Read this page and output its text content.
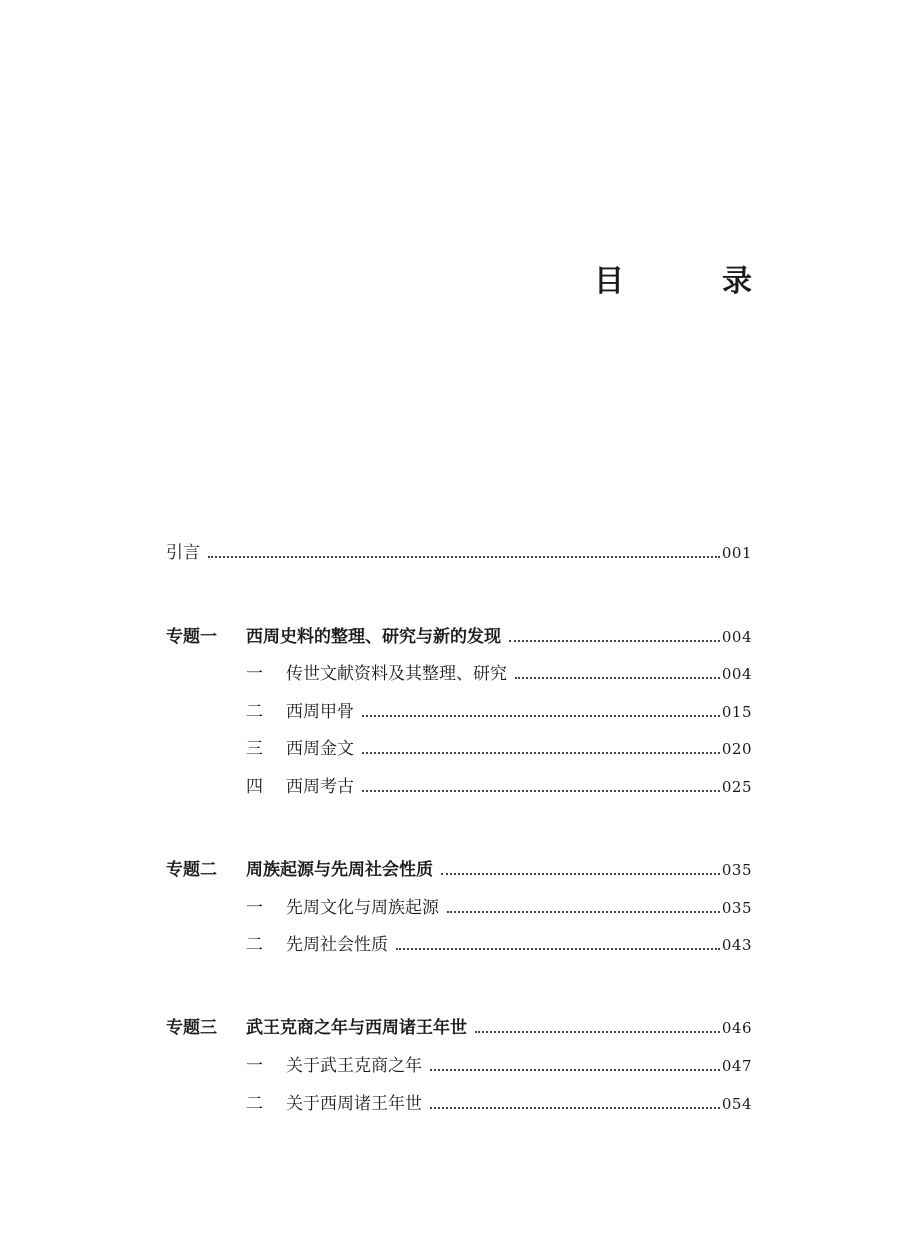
目　录
引言	001
专题一	西周史料的整理、研究与新的发现	004
一	传世文献资料及其整理、研究	004
二	西周甲骨	015
三	西周金文	020
四	西周考古	025
专题二	周族起源与先周社会性质	035
一	先周文化与周族起源	035
二	先周社会性质	043
专题三	武王克商之年与西周诸王年世	046
一	关于武王克商之年	047
二	关于西周诸王年世	054
